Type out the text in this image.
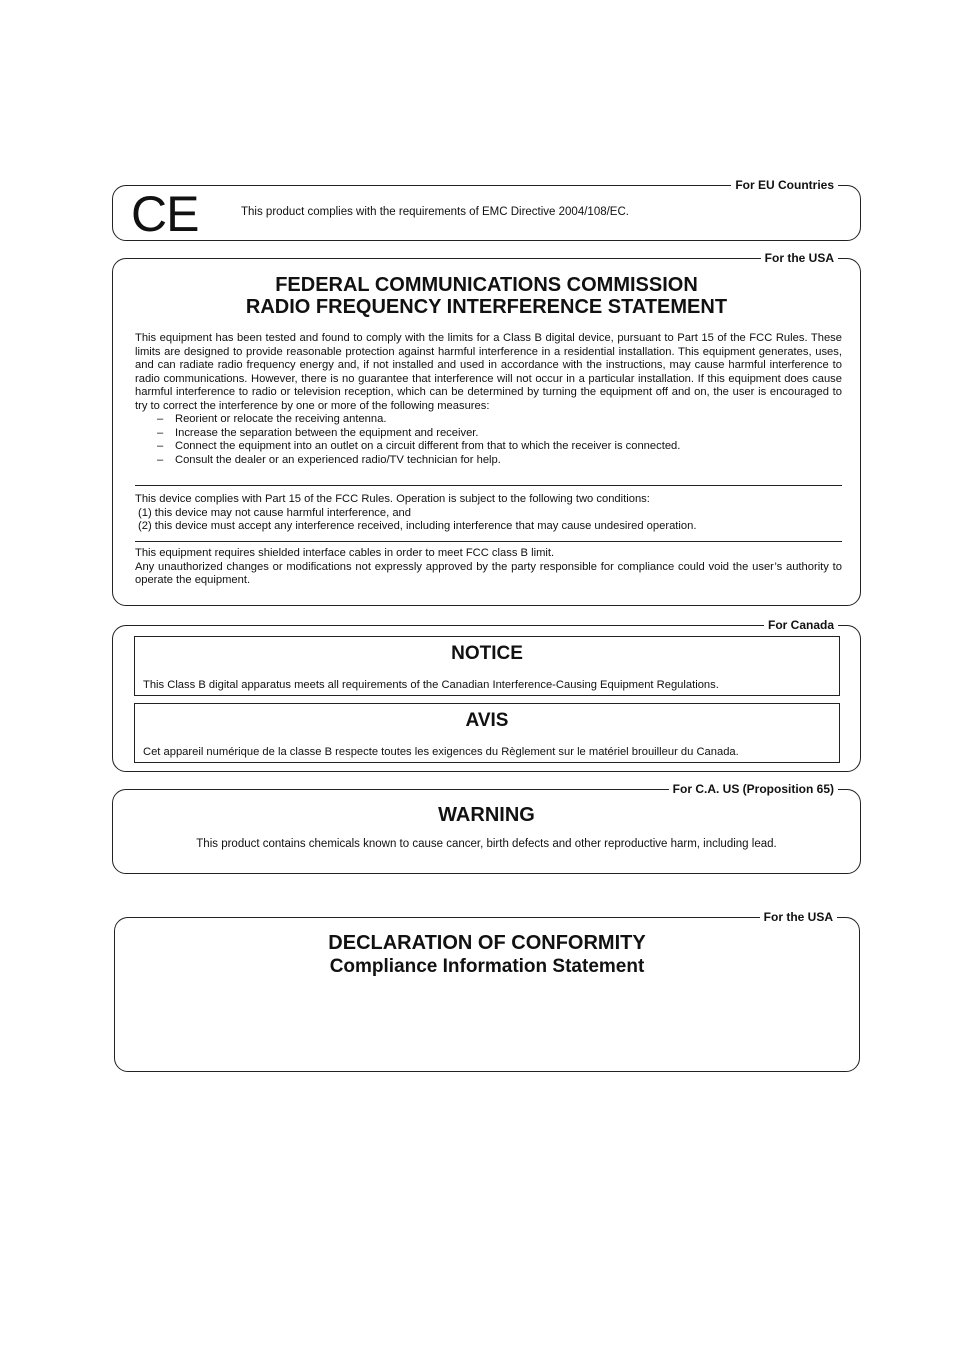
For EU Countries
CE	This product complies with the requirements of EMC Directive 2004/108/EC.
For the USA
FEDERAL COMMUNICATIONS COMMISSION
RADIO FREQUENCY INTERFERENCE STATEMENT
This equipment has been tested and found to comply with the limits for a Class B digital device, pursuant to Part 15 of the FCC Rules. These limits are designed to provide reasonable protection against harmful interference in a residential installation. This equipment generates, uses, and can radiate radio frequency energy and, if not installed and used in accordance with the instructions, may cause harmful interference to radio communications. However, there is no guarantee that interference will not occur in a particular installation. If this equipment does cause harmful interference to radio or television reception, which can be determined by turning the equipment off and on, the user is encouraged to try to correct the interference by one or more of the following measures:
– Reorient or relocate the receiving antenna.
– Increase the separation between the equipment and receiver.
– Connect the equipment into an outlet on a circuit different from that to which the receiver is connected.
– Consult the dealer or an experienced radio/TV technician for help.
This device complies with Part 15 of the FCC Rules. Operation is subject to the following two conditions:
(1) this device may not cause harmful interference, and
(2) this device must accept any interference received, including interference that may cause undesired operation.
This equipment requires shielded interface cables in order to meet FCC class B limit.
Any unauthorized changes or modifications not expressly approved by the party responsible for compliance could void the user’s authority to operate the equipment.
For Canada
NOTICE
This Class B digital apparatus meets all requirements of the Canadian Interference-Causing Equipment Regulations.
AVIS
Cet appareil numérique de la classe B respecte toutes les exigences du Règlement sur le matériel brouilleur du Canada.
For C.A. US (Proposition 65)
WARNING
This product contains chemicals known to cause cancer, birth defects and other reproductive harm, including lead.
For the USA
DECLARATION OF CONFORMITY
Compliance Information Statement
